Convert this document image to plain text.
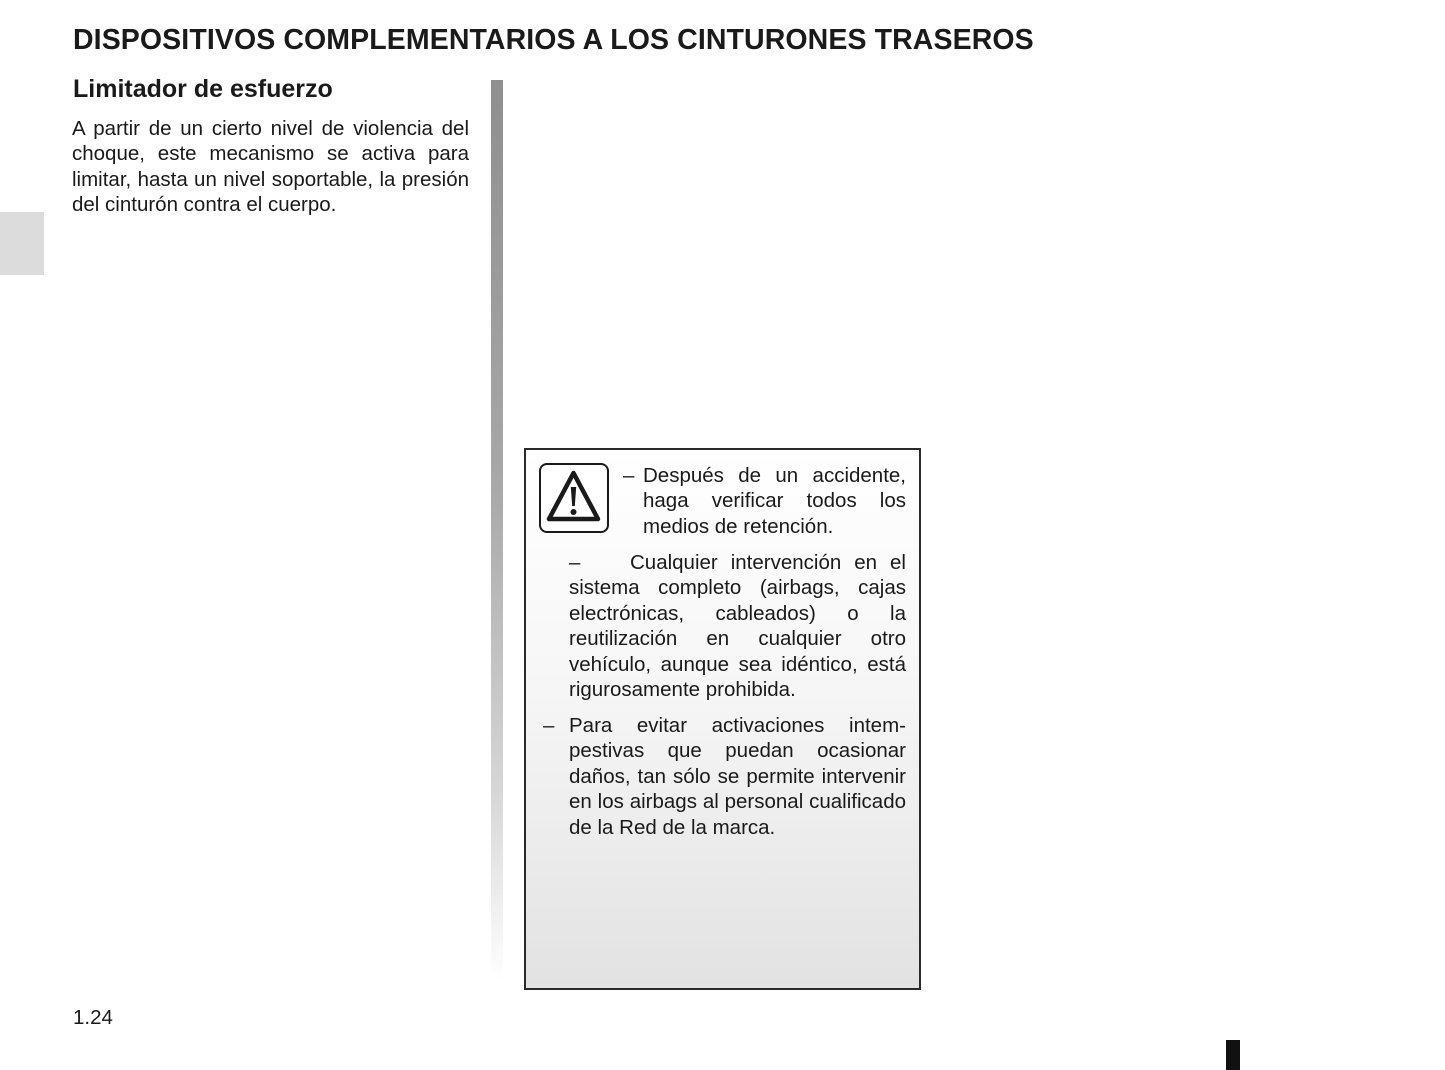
DISPOSITIVOS COMPLEMENTARIOS A LOS CINTURONES TRASEROS
Limitador de esfuerzo

A partir de un cierto nivel de violencia del choque, este mecanismo se activa para limitar, hasta un nivel soportable, la presión del cinturón contra el cuerpo.

– Después de un accidente, haga verificar todos los medios de retención.

– Cualquier intervención en el sistema completo (airbags, cajas electrónicas, cableados) o la reutilización en cualquier otro vehículo, aunque sea idéntico, está rigurosamente prohibida.

– Para evitar activaciones intempestivas que puedan ocasionar daños, tan sólo se permite intervenir en los airbags al personal cualificado de la Red de la marca.

1.24
